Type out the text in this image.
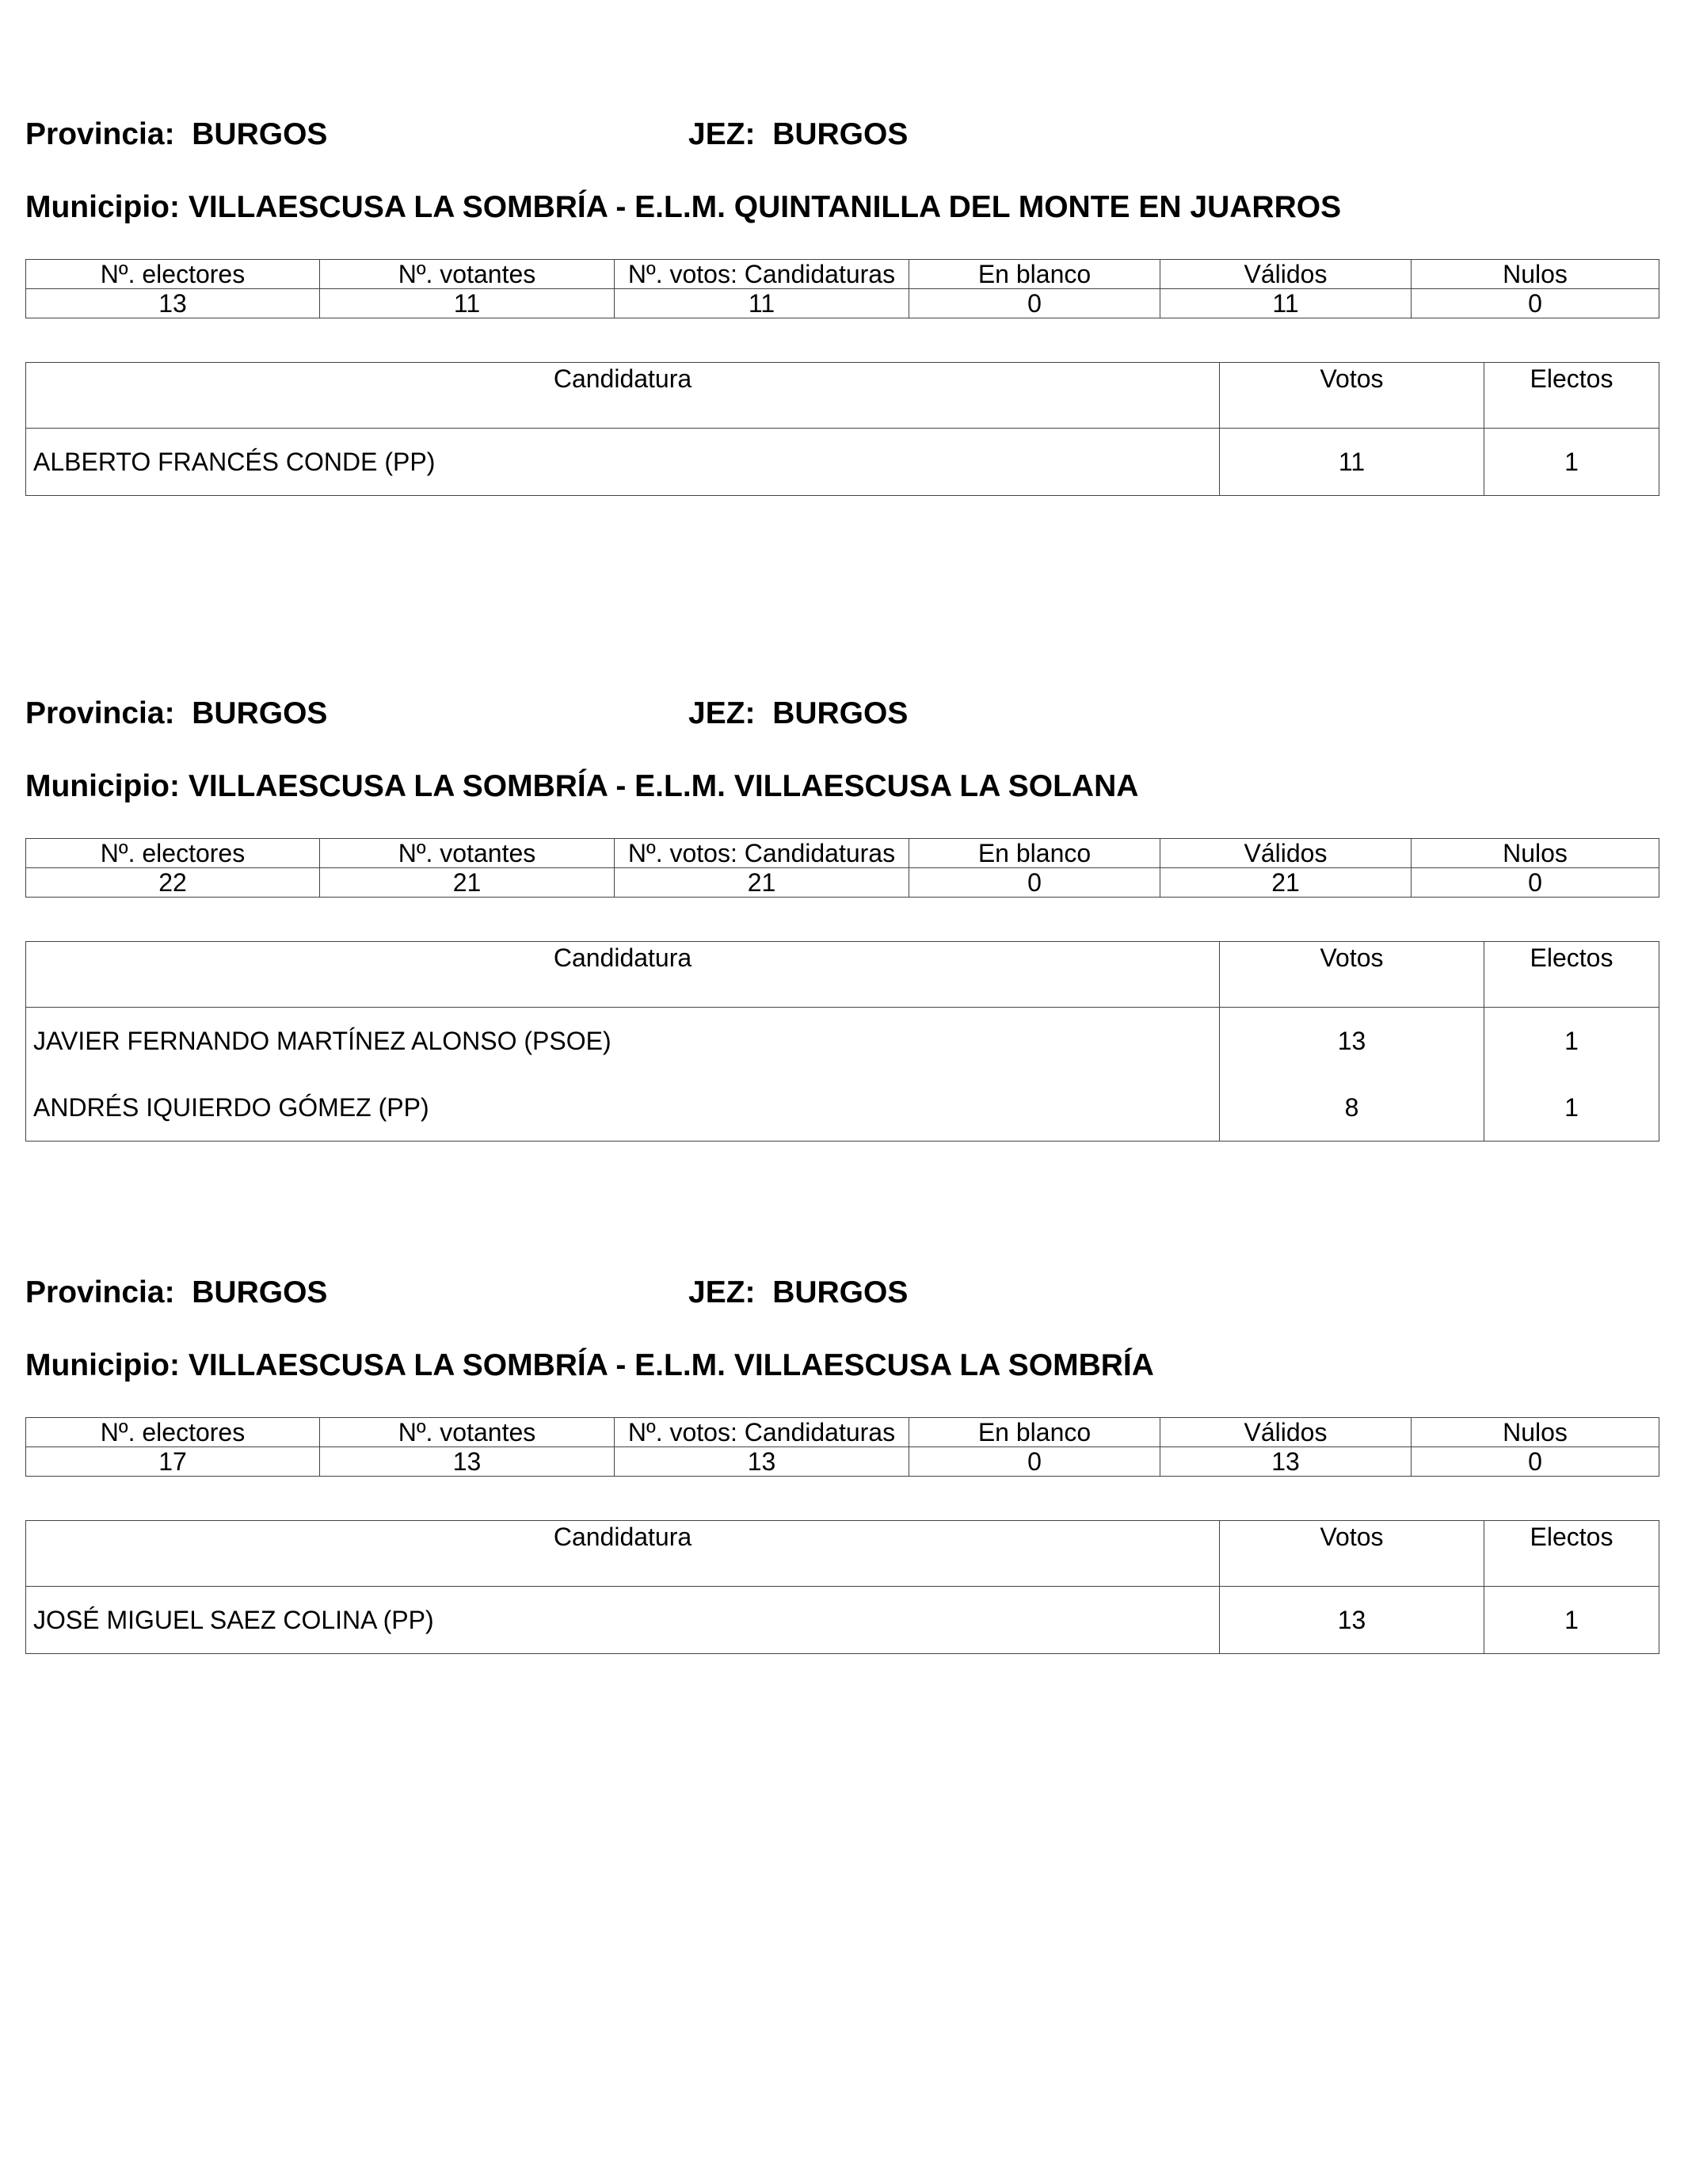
Provincia: BURGOS	JEZ: BURGOS
Municipio: VILLAESCUSA LA SOMBRÍA - E.L.M. QUINTANILLA DEL MONTE EN JUARROS
Nº. electores	Nº. votantes	Nº. votos: Candidaturas	En blanco	Válidos	Nulos
13	11	11	0	11	0
Candidatura	Votos	Electos
ALBERTO FRANCÉS CONDE (PP)	11	1
Provincia: BURGOS	JEZ: BURGOS
Municipio: VILLAESCUSA LA SOMBRÍA - E.L.M. VILLAESCUSA LA SOLANA
Nº. electores	Nº. votantes	Nº. votos: Candidaturas	En blanco	Válidos	Nulos
22	21	21	0	21	0
Candidatura	Votos	Electos
JAVIER FERNANDO MARTÍNEZ ALONSO (PSOE)	13	1
ANDRÉS IQUIERDO GÓMEZ (PP)	8	1
Provincia: BURGOS	JEZ: BURGOS
Municipio: VILLAESCUSA LA SOMBRÍA - E.L.M. VILLAESCUSA LA SOMBRÍA
Nº. electores	Nº. votantes	Nº. votos: Candidaturas	En blanco	Válidos	Nulos
17	13	13	0	13	0
Candidatura	Votos	Electos
JOSÉ MIGUEL SAEZ COLINA (PP)	13	1
